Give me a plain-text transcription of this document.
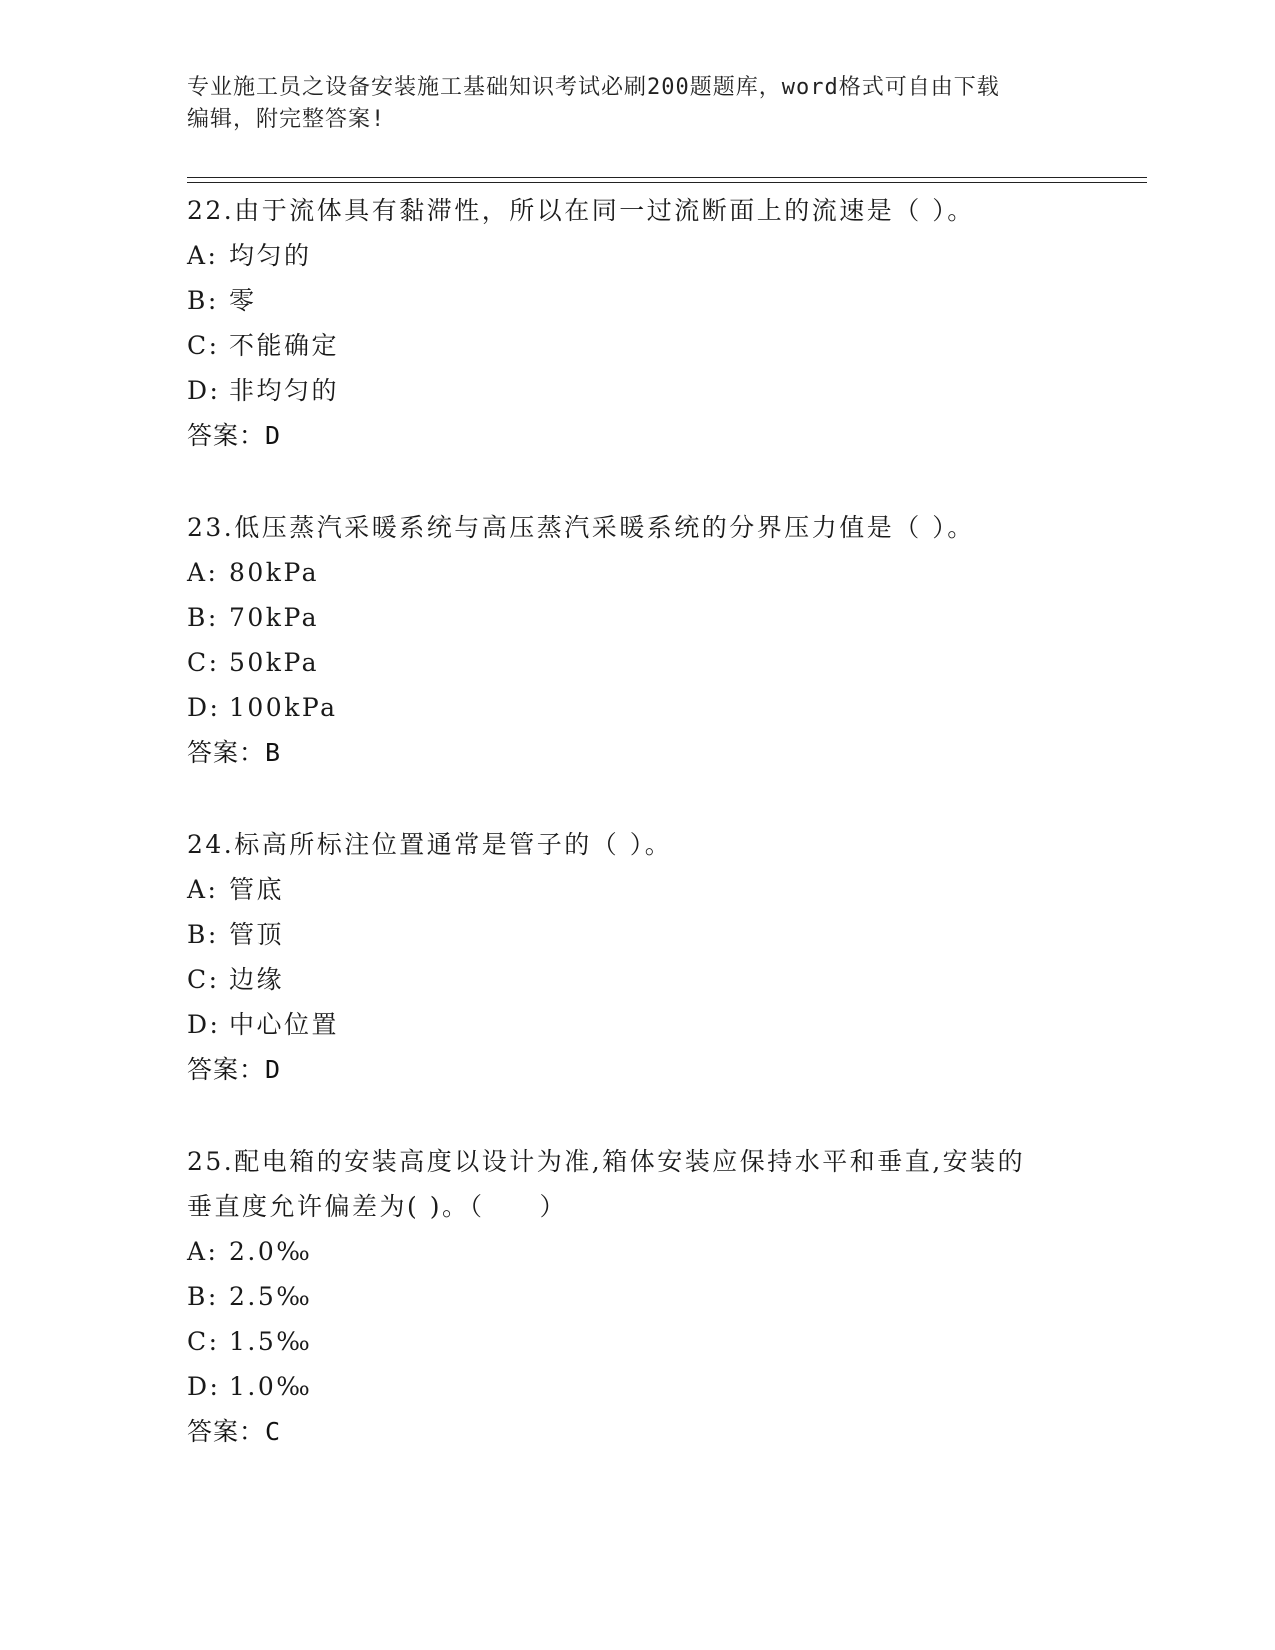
专业施工员之设备安装施工基础知识考试必刷200题题库，word格式可自由下载
编辑，附完整答案!

22.由于流体具有黏滞性，所以在同一过流断面上的流速是（ ）。

A: 均匀的

B: 零

C: 不能确定

D: 非均匀的

答案：D

23.低压蒸汽采暖系统与高压蒸汽采暖系统的分界压力值是（ ）。

A: 80kPa

B: 70kPa

C: 50kPa

D: 100kPa

答案：B

24.标高所标注位置通常是管子的（ ）。

A: 管底

B: 管顶

C: 边缘

D: 中心位置

答案：D

25.配电箱的安装高度以设计为准,箱体安装应保持水平和垂直,安装的

垂直度允许偏差为( )。（　　）

A: 2.0‰

B: 2.5‰

C: 1.5‰

D: 1.0‰

答案：C
